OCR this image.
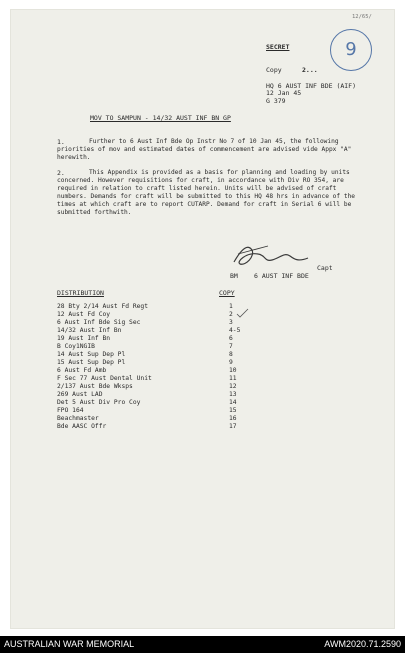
12/65/
SECRET
Copy	2...
HQ 6 AUST INF BDE (AIF)
12 Jan 45
G 379
9
MOV TO SAMPUN - 14/32 AUST INF BN GP
1.	Further to 6 Aust Inf Bde Op Instr No 7 of 10 Jan 45, the following priorities of mov and estimated dates of commencement are advised vide Appx "A" herewith.
2.	This Appendix is provided as a basis for planning and loading by units concerned. However requisitions for craft, in accordance with Div RO 354, are required in relation to craft listed herein. Units will be advised of craft numbers. Demands for craft will be submitted to this HQ 48 hrs in advance of the times at which craft are to report CUTARP. Demand for craft in Serial 6 will be submitted forthwith.
Capt
BM 6 AUST INF BDE
DISTRIBUTION	COPY
28 Bty 2/14 Aust Fd Regt	1
12 Aust Fd Coy	2
6 Aust Inf Bde Sig Sec	3
14/32 Aust Inf Bn	4-5
19 Aust Inf Bn	6
B Coy1NGIB	7
14 Aust Sup Dep Pl	8
15 Aust Sup Dep Pl	9
6 Aust Fd Amb	10
F Sec 77 Aust Dental Unit	11
2/137 Aust Bde Wksps	12
269 Aust LAD	13
Det 5 Aust Div Pro Coy	14
FPO 164	15
Beachmaster	16
Bde AASC Offr	17
AUSTRALIAN WAR MEMORIAL	AWM2020.71.2590
